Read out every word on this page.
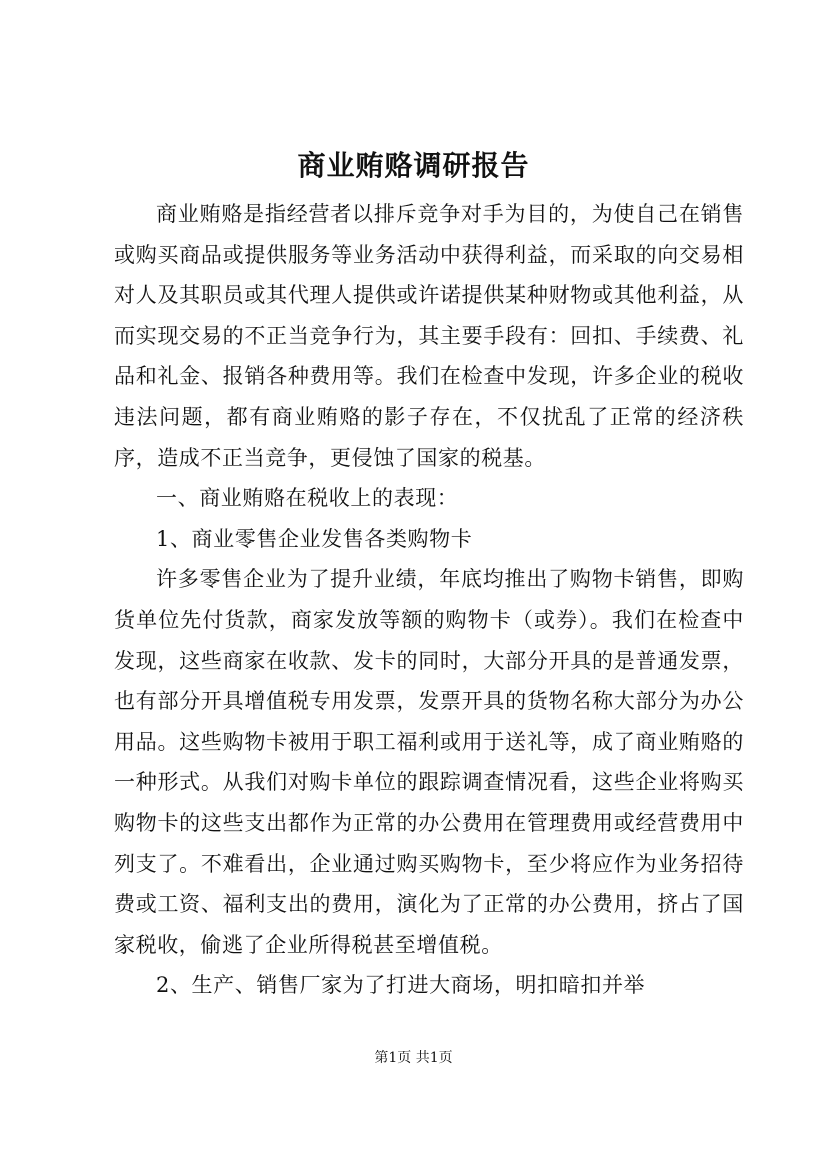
商业贿赂调研报告

商业贿赂是指经营者以排斥竞争对手为目的，为使自己在销售或购买商品或提供服务等业务活动中获得利益，而采取的向交易相对人及其职员或其代理人提供或许诺提供某种财物或其他利益，从而实现交易的不正当竞争行为，其主要手段有：回扣、手续费、礼品和礼金、报销各种费用等。我们在检查中发现，许多企业的税收违法问题，都有商业贿赂的影子存在，不仅扰乱了正常的经济秩序，造成不正当竞争，更侵蚀了国家的税基。

一、商业贿赂在税收上的表现：

1、商业零售企业发售各类购物卡

许多零售企业为了提升业绩，年底均推出了购物卡销售，即购货单位先付货款，商家发放等额的购物卡（或券）。我们在检查中发现，这些商家在收款、发卡的同时，大部分开具的是普通发票，也有部分开具增值税专用发票，发票开具的货物名称大部分为办公用品。这些购物卡被用于职工福利或用于送礼等，成了商业贿赂的一种形式。从我们对购卡单位的跟踪调查情况看，这些企业将购买购物卡的这些支出都作为正常的办公费用在管理费用或经营费用中列支了。不难看出，企业通过购买购物卡，至少将应作为业务招待费或工资、福利支出的费用，演化为了正常的办公费用，挤占了国家税收，偷逃了企业所得税甚至增值税。

2、生产、销售厂家为了打进大商场，明扣暗扣并举

第1页 共1页
